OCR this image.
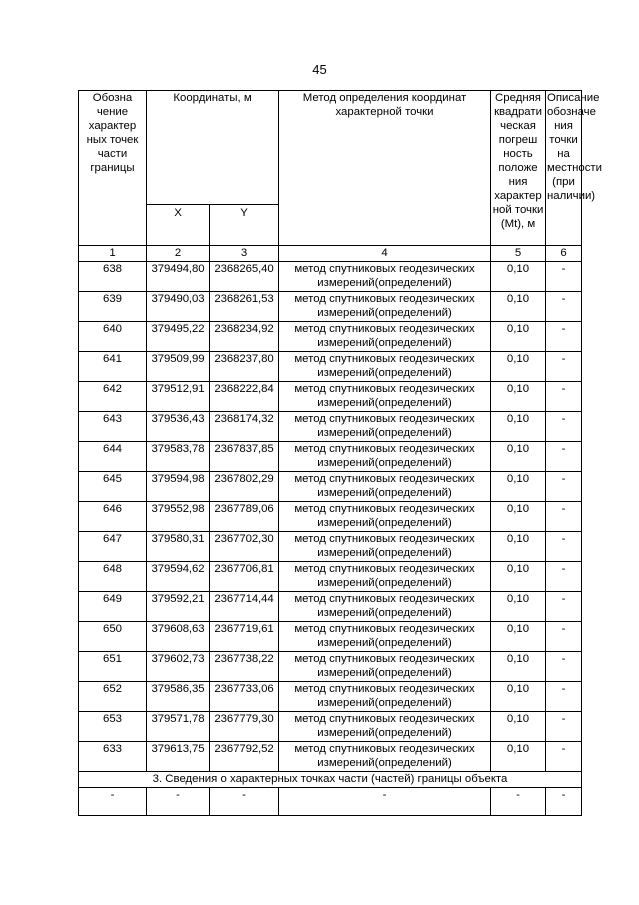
45
Обозна чение характер ных точек части границы	Координаты, м		Метод определения координат характерной точки	Средняя квадрати ческая погреш ность положе ния характер ной точки (Mt), м	Описание обозначе ния точки на местности (при наличии)
	X	Y			
1	2	3	4	5	6
638	379494,80	2368265,40	метод спутниковых геодезических измерений(определений)	0,10	-
639	379490,03	2368261,53	метод спутниковых геодезических измерений(определений)	0,10	-
640	379495,22	2368234,92	метод спутниковых геодезических измерений(определений)	0,10	-
641	379509,99	2368237,80	метод спутниковых геодезических измерений(определений)	0,10	-
642	379512,91	2368222,84	метод спутниковых геодезических измерений(определений)	0,10	-
643	379536,43	2368174,32	метод спутниковых геодезических измерений(определений)	0,10	-
644	379583,78	2367837,85	метод спутниковых геодезических измерений(определений)	0,10	-
645	379594,98	2367802,29	метод спутниковых геодезических измерений(определений)	0,10	-
646	379552,98	2367789,06	метод спутниковых геодезических измерений(определений)	0,10	-
647	379580,31	2367702,30	метод спутниковых геодезических измерений(определений)	0,10	-
648	379594,62	2367706,81	метод спутниковых геодезических измерений(определений)	0,10	-
649	379592,21	2367714,44	метод спутниковых геодезических измерений(определений)	0,10	-
650	379608,63	2367719,61	метод спутниковых геодезических измерений(определений)	0,10	-
651	379602,73	2367738,22	метод спутниковых геодезических измерений(определений)	0,10	-
652	379586,35	2367733,06	метод спутниковых геодезических измерений(определений)	0,10	-
653	379571,78	2367779,30	метод спутниковых геодезических измерений(определений)	0,10	-
633	379613,75	2367792,52	метод спутниковых геодезических измерений(определений)	0,10	-
3. Сведения о характерных точках части (частей) границы объекта					
-	-	-	-	-	-
